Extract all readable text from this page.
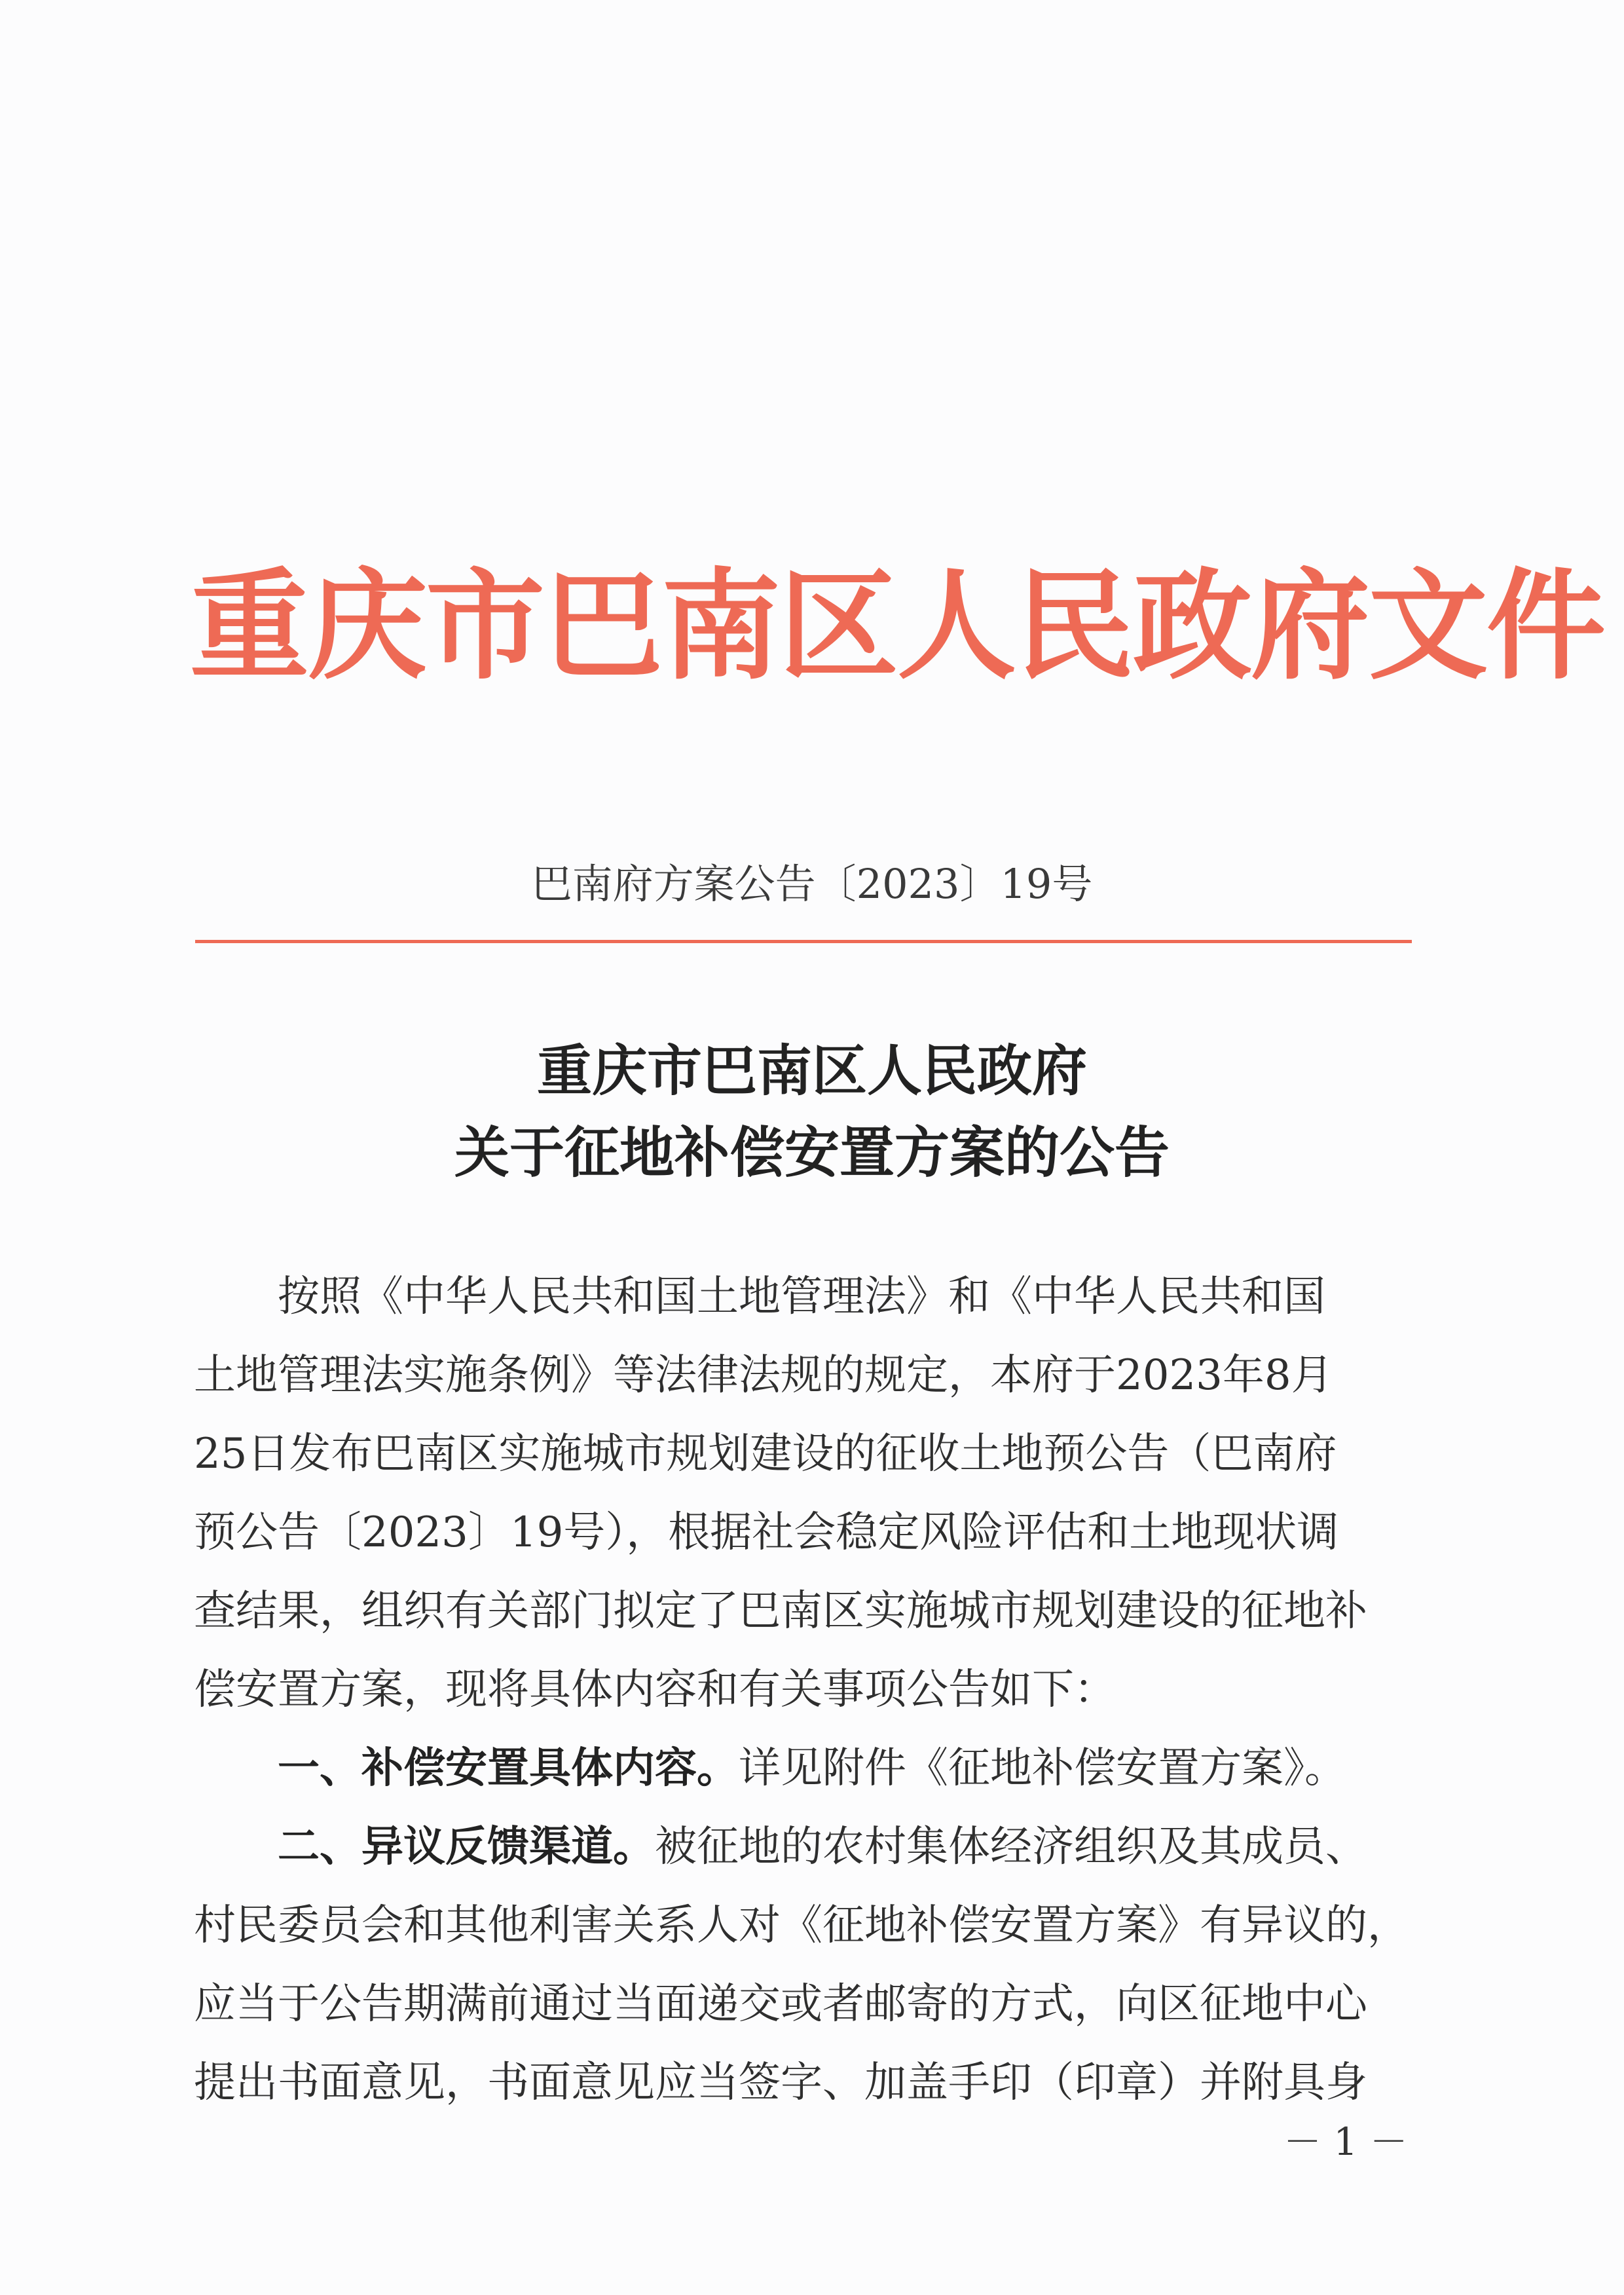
重庆市巴南区人民政府文件
巴南府方案公告〔2023〕19号
重庆市巴南区人民政府
关于征地补偿安置方案的公告
　　按照《中华人民共和国土地管理法》和《中华人民共和国
土地管理法实施条例》等法律法规的规定，本府于2023年8月
25日发布巴南区实施城市规划建设的征收土地预公告（巴南府
预公告〔2023〕19号），根据社会稳定风险评估和土地现状调
查结果，组织有关部门拟定了巴南区实施城市规划建设的征地补
偿安置方案，现将具体内容和有关事项公告如下：
　　一、补偿安置具体内容。详见附件《征地补偿安置方案》。
　　二、异议反馈渠道。被征地的农村集体经济组织及其成员、
村民委员会和其他利害关系人对《征地补偿安置方案》有异议的，
应当于公告期满前通过当面递交或者邮寄的方式，向区征地中心
提出书面意见，书面意见应当签字、加盖手印（印章）并附具身
－ 1 －
